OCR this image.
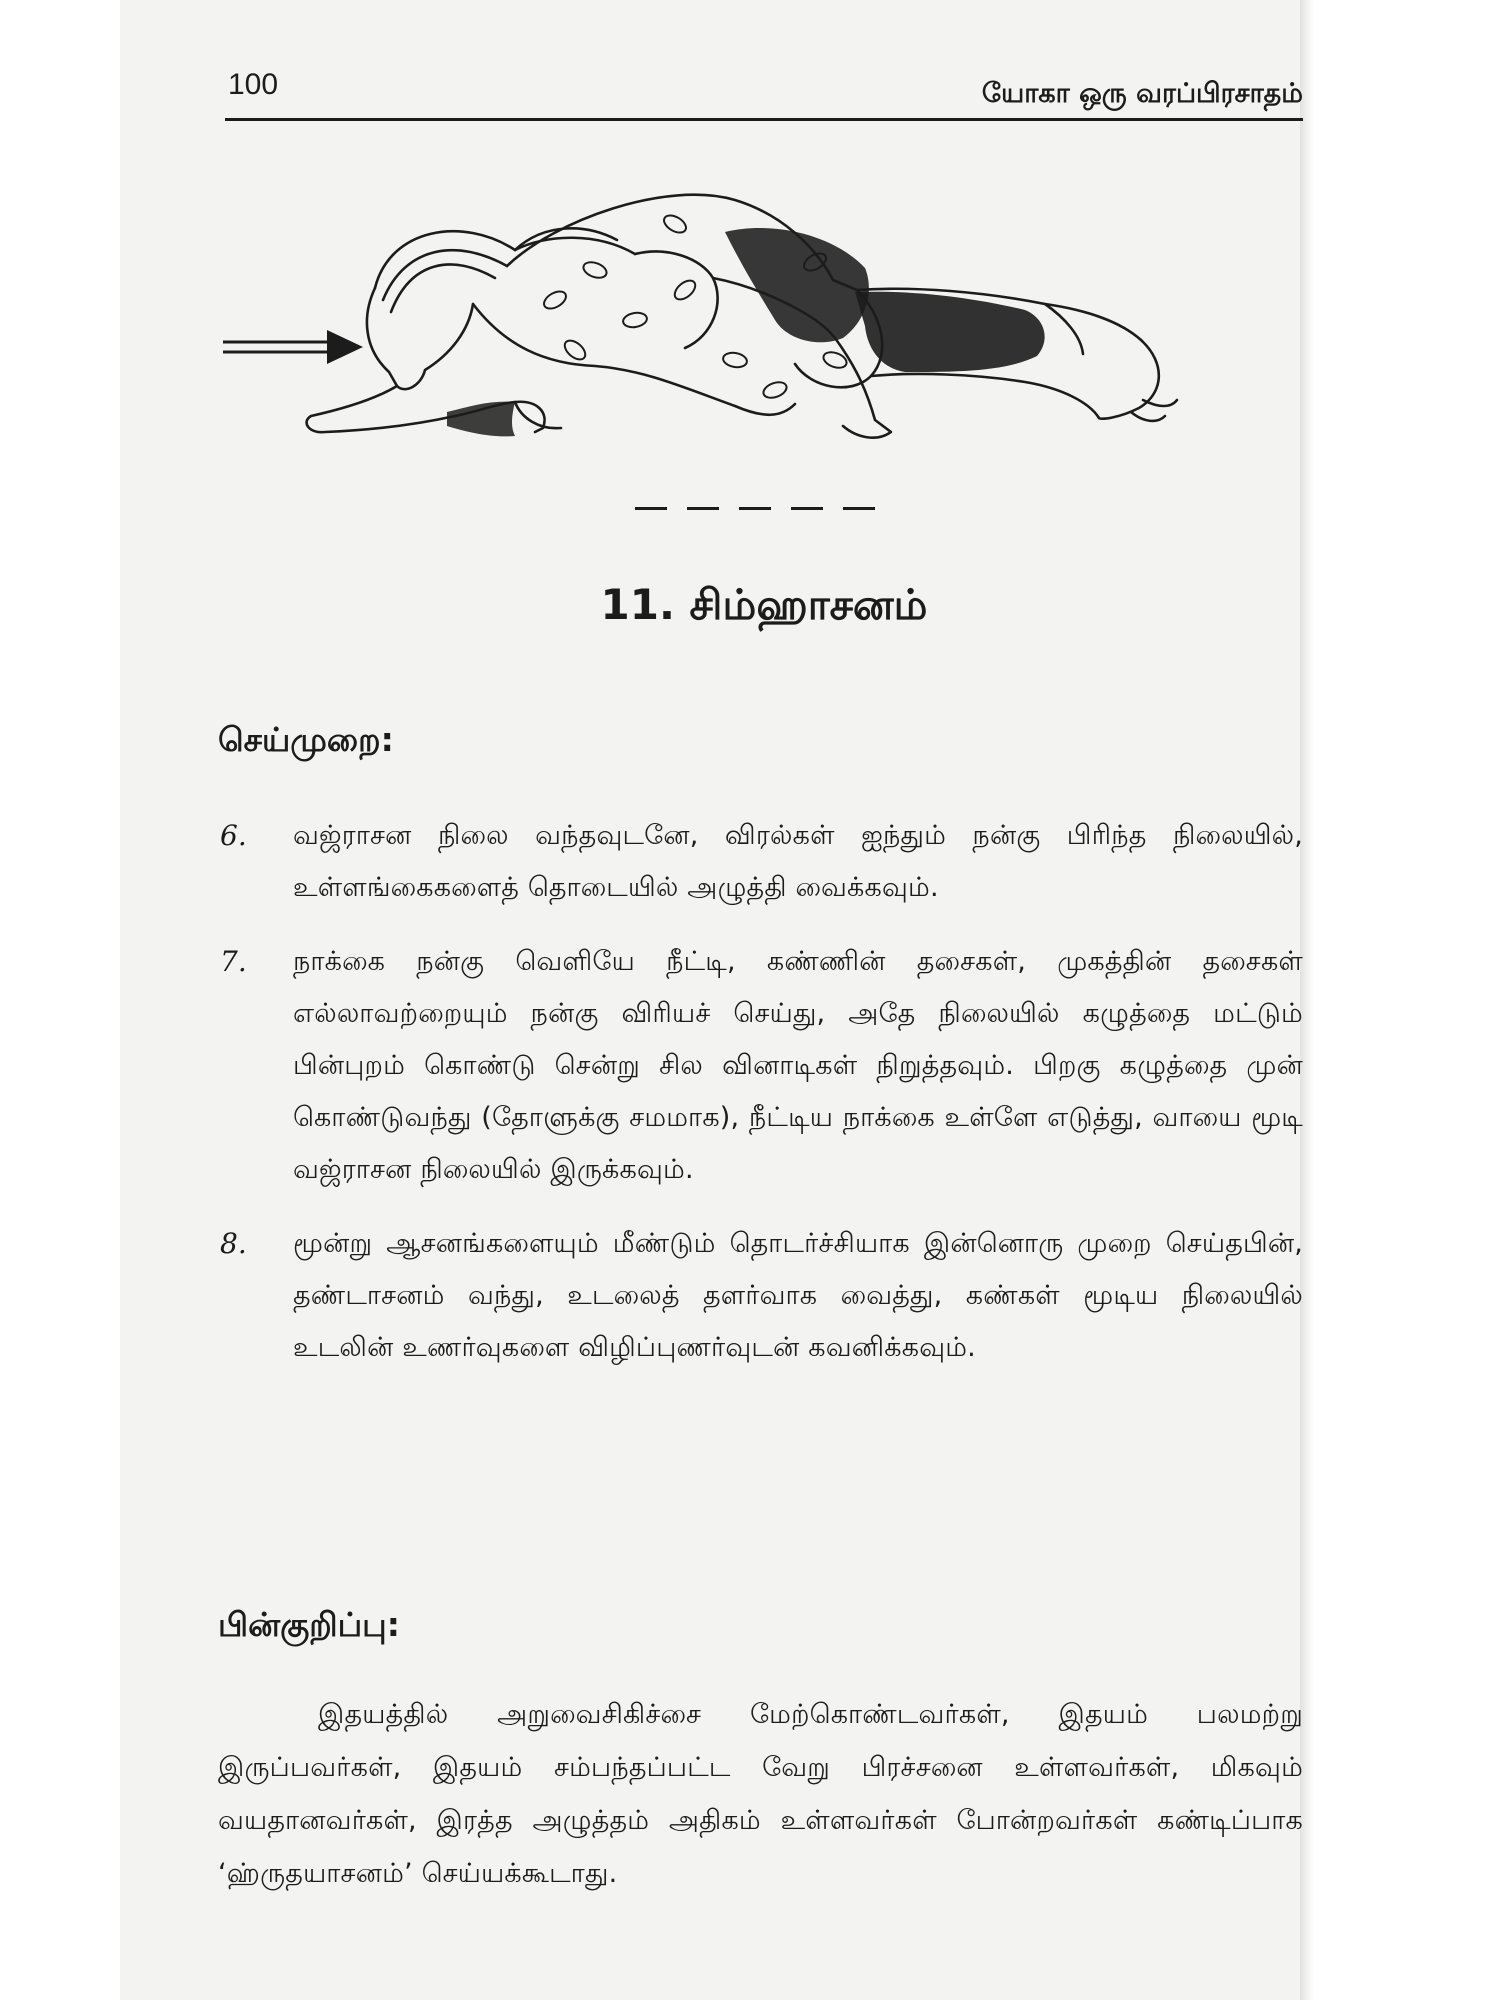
100	யோகா ஒரு வரப்பிரசாதம்
11. சிம்ஹாசனம்
செய்முறை:
6. வஜ்ராசன நிலை வந்தவுடனே, விரல்கள் ஐந்தும் நன்கு பிரிந்த நிலையில், உள்ளங்கைகளைத் தொடையில் அழுத்தி வைக்கவும்.
7. நாக்கை நன்கு வெளியே நீட்டி, கண்ணின் தசைகள், முகத்தின் தசைகள் எல்லாவற்றையும் நன்கு விரியச் செய்து, அதே நிலையில் கழுத்தை மட்டும் பின்புறம் கொண்டு சென்று சில வினாடிகள் நிறுத்தவும். பிறகு கழுத்தை முன் கொண்டுவந்து (தோளுக்கு சமமாக), நீட்டிய நாக்கை உள்ளே எடுத்து, வாயை மூடி வஜ்ராசன நிலையில் இருக்கவும்.
8. மூன்று ஆசனங்களையும் மீண்டும் தொடர்ச்சியாக இன்னொரு முறை செய்தபின், தண்டாசனம் வந்து, உடலைத் தளர்வாக வைத்து, கண்கள் மூடிய நிலையில் உடலின் உணர்வுகளை விழிப்புணர்வுடன் கவனிக்கவும்.
பின்குறிப்பு:
இதயத்தில் அறுவைசிகிச்சை மேற்கொண்டவர்கள், இதயம் பலமற்று இருப்பவர்கள், இதயம் சம்பந்தப்பட்ட வேறு பிரச்சனை உள்ளவர்கள், மிகவும் வயதானவர்கள், இரத்த அழுத்தம் அதிகம் உள்ளவர்கள் போன்றவர்கள் கண்டிப்பாக ‘ஹ்ருதயாசனம்’ செய்யக்கூடாது.
